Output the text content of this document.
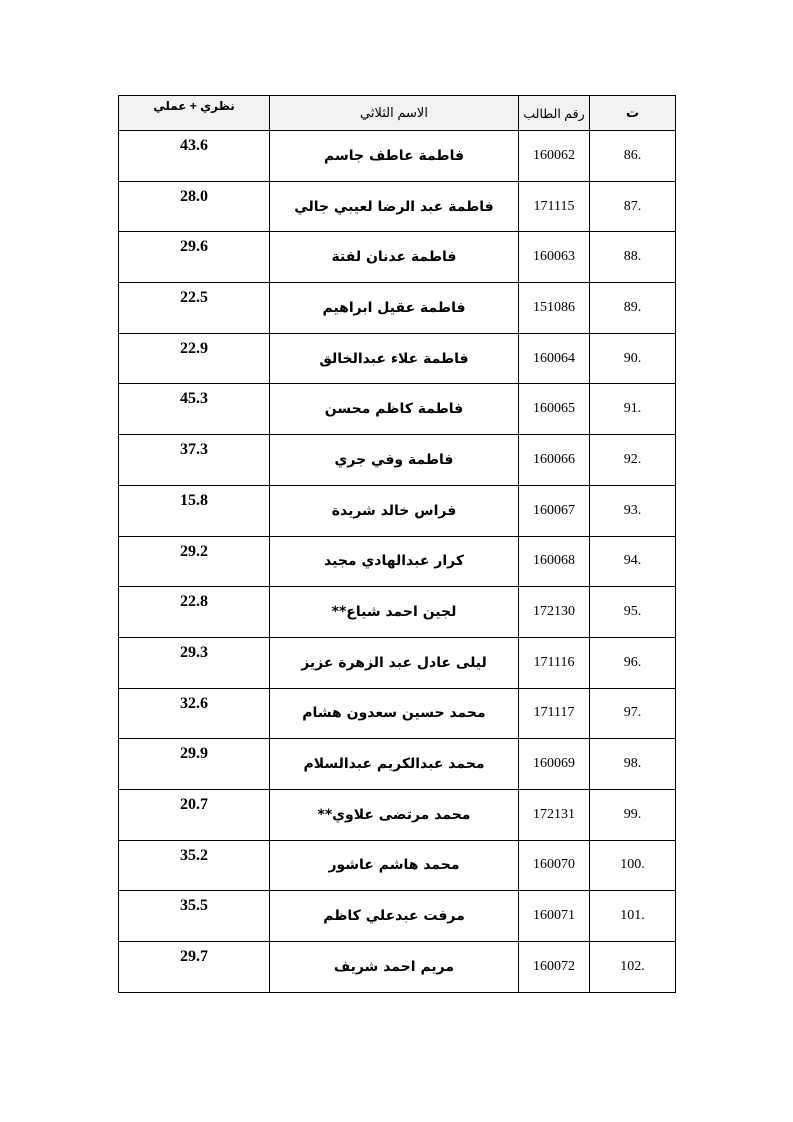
نظري + عملي	الاسم الثلاثي	رقم الطالب	ت
43.6	فاطمة عاطف جاسم	160062	86.
28.0	فاطمة عبد الرضا لعيبي جالي	171115	87.
29.6	فاطمة عدنان لفتة	160063	88.
22.5	فاطمة عقيل ابراهيم	151086	89.
22.9	فاطمة علاء عبدالخالق	160064	90.
45.3	فاطمة كاظم محسن	160065	91.
37.3	فاطمة وفي جري	160066	92.
15.8	فراس خالد شريدة	160067	93.
29.2	كرار عبدالهادي مجيد	160068	94.
22.8	لجين احمد شياع**	172130	95.
29.3	ليلى عادل عبد الزهرة عزيز	171116	96.
32.6	محمد حسين سعدون هشام	171117	97.
29.9	محمد عبدالكريم عبدالسلام	160069	98.
20.7	محمد مرتضى علاوي**	172131	99.
35.2	محمد هاشم عاشور	160070	100.
35.5	مرفت عبدعلي كاظم	160071	101.
29.7	مريم احمد شريف	160072	102.
